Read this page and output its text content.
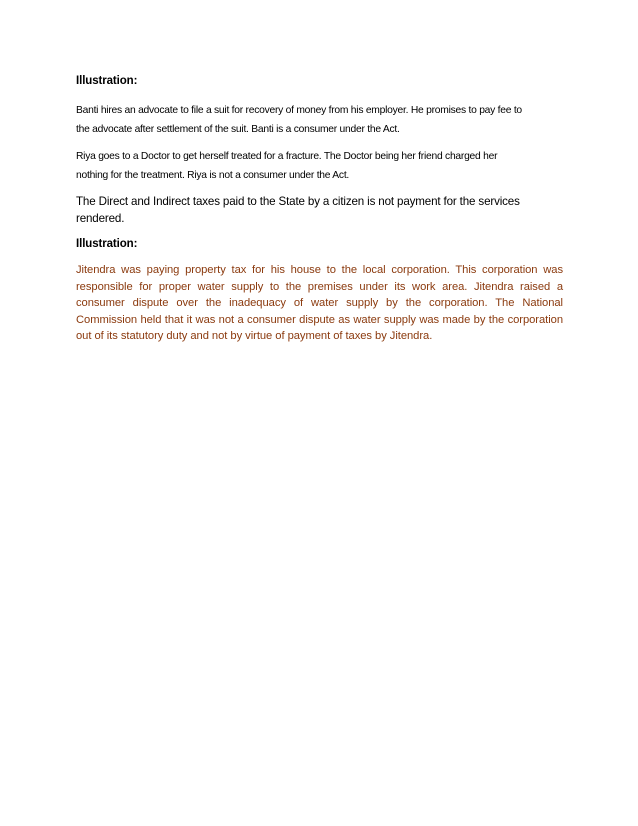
Illustration:
Banti hires an advocate to file a suit for recovery of money from his employer. He promises to pay fee to
the advocate after settlement of the suit. Banti is a consumer under the Act.
Riya goes to a Doctor to get herself treated for a fracture. The Doctor being her friend charged her
nothing for the treatment. Riya is not a consumer under the Act.
The Direct and Indirect taxes paid to the State by a citizen is not payment for the services
rendered.
Illustration:
Jitendra was paying property tax for his house to the local corporation. This corporation was responsible for proper water supply to the premises under its work area. Jitendra raised a consumer dispute over the inadequacy of water supply by the corporation. The National Commission held that it was not a consumer dispute as water supply was made by the corporation out of its statutory duty and not by virtue of payment of taxes by Jitendra.
